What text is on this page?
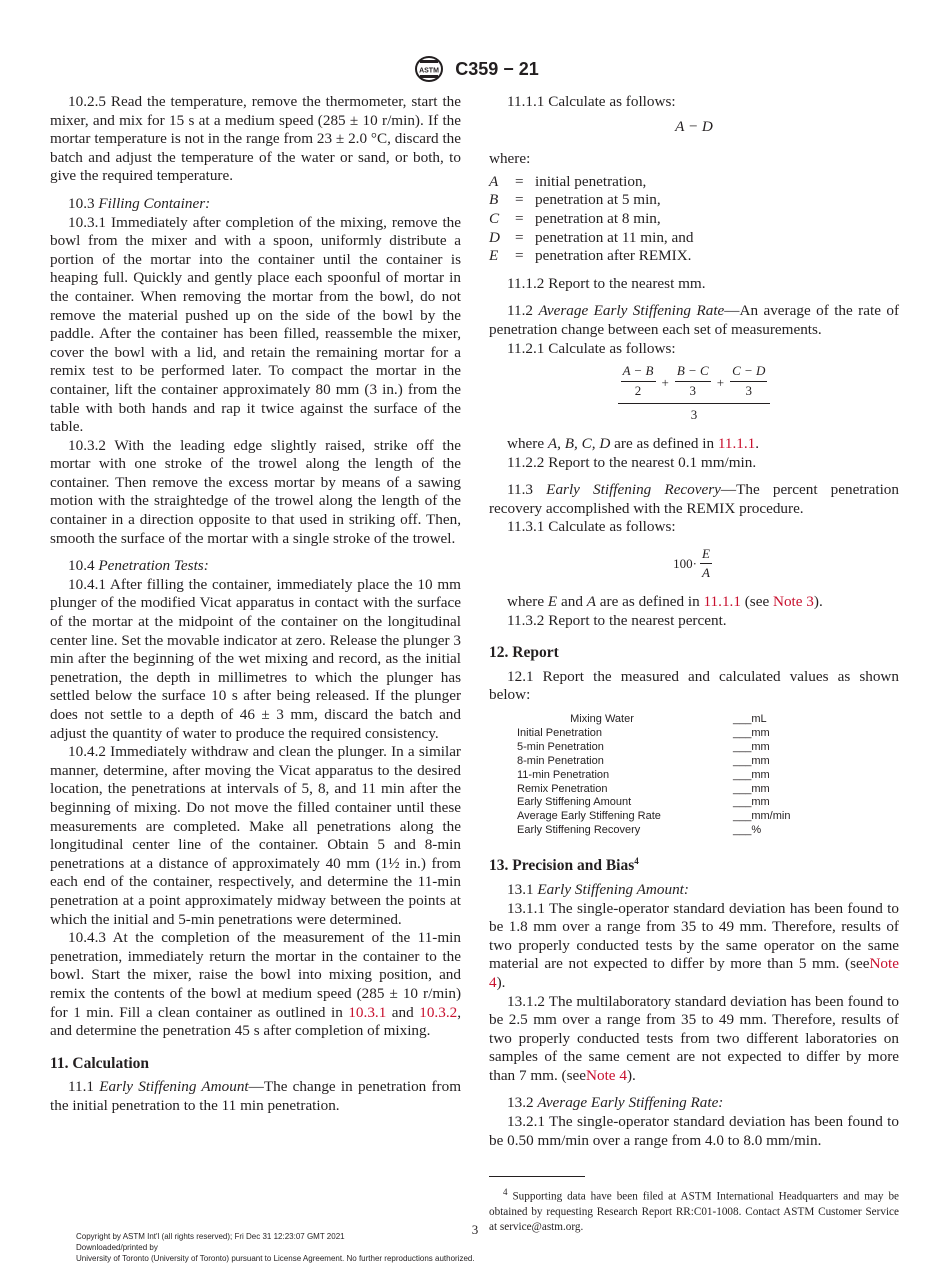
ASTM C359 − 21

10.2.5 Read the temperature, remove the thermometer, start the mixer, and mix for 15 s at a medium speed (285 ± 10 r/min). If the mortar temperature is not in the range from 23 ± 2.0 °C, discard the batch and adjust the temperature of the water or sand, or both, to give the required temperature.

10.3 Filling Container:

10.3.1 Immediately after completion of the mixing, remove the bowl from the mixer and with a spoon, uniformly distribute a portion of the mortar into the container until the container is heaping full. Quickly and gently place each spoonful of mortar in the container. When removing the mortar from the bowl, do not remove the material pushed up on the side of the bowl by the paddle. After the container has been filled, reassemble the mixer, cover the bowl with a lid, and retain the remaining mortar for a remix test to be performed later. To compact the mortar in the container, lift the container approximately 80 mm (3 in.) from the table with both hands and rap it twice against the surface of the table.

10.3.2 With the leading edge slightly raised, strike off the mortar with one stroke of the trowel along the length of the container. Then remove the excess mortar by means of a sawing motion with the straightedge of the trowel along the length of the container in a direction opposite to that used in striking off. Then, smooth the surface of the mortar with a single stroke of the trowel.

10.4 Penetration Tests:

10.4.1 After filling the container, immediately place the 10 mm plunger of the modified Vicat apparatus in contact with the surface of the mortar at the midpoint of the container on the longitudinal center line. Set the movable indicator at zero. Release the plunger 3 min after the beginning of the wet mixing and record, as the initial penetration, the depth in millimetres to which the plunger has settled below the surface 10 s after being released. If the plunger does not settle to a depth of 46 ± 3 mm, discard the batch and adjust the quantity of water to produce the required consistency.

10.4.2 Immediately withdraw and clean the plunger. In a similar manner, determine, after moving the Vicat apparatus to the desired location, the penetrations at intervals of 5, 8, and 11 min after the beginning of mixing. Do not move the filled container until these measurements are completed. Make all penetrations along the longitudinal center line of the container. Obtain 5 and 8-min penetrations at a distance of approximately 40 mm (1½ in.) from each end of the container, respectively, and determine the 11-min penetration at a point approximately midway between the points at which the initial and 5-min penetrations were determined.

10.4.3 At the completion of the measurement of the 11-min penetration, immediately return the mortar in the container to the bowl. Start the mixer, raise the bowl into mixing position, and remix the contents of the bowl at medium speed (285 ± 10 r/min) for 1 min. Fill a clean container as outlined in 10.3.1 and 10.3.2, and determine the penetration 45 s after completion of mixing.

11. Calculation

11.1 Early Stiffening Amount—The change in penetration from the initial penetration to the 11 min penetration.

11.1.1 Calculate as follows:

A − D

where:

A	= initial penetration,
B	= penetration at 5 min,
C	= penetration at 8 min,
D = penetration at 11 min, and
E	= penetration after REMIX.

11.1.2 Report to the nearest mm.

11.2 Average Early Stiffening Rate—An average of the rate of penetration change between each set of measurements.

11.2.1 Calculate as follows:

A − B
2
+ $\frac{B - C}{3} + \frac{C - D}{3}$
3

where A, B, C, D are as defined in 11.1.1.

11.2.2 Report to the nearest 0.1 mm/min.

11.3 Early Stiffening Recovery—The percent penetration recovery accomplished with the REMIX procedure.

11.3.1 Calculate as follows:

100·
E
A

where E and A are as defined in 11.1.1 (see Note 3).

11.3.2 Report to the nearest percent.

12. Report

12.1 Report the measured and calculated values as shown below:

Mixing Water	___mL
Initial Penetration	___mm
5-min Penetration	___mm
8-min Penetration	___mm
11-min Penetration	___mm
Remix Penetration	___mm
Early Stiffening Amount	___mm
Average Early Stiffening Rate	___mm/min
Early Stiffening Recovery	___%

13. Precision and Bias$^4$

13.1 Early Stiffening Amount:

13.1.1 The single-operator standard deviation has been found to be 1.8 mm over a range from 35 to 49 mm. Therefore, results of two properly conducted tests by the same operator on the same material are not expected to differ by more than 5 mm. (seeNote 4).

13.1.2 The multilaboratory standard deviation has been found to be 2.5 mm over a range from 35 to 49 mm. Therefore, results of two properly conducted tests from two different laboratories on samples of the same cement are not expected to differ by more than 7 mm. (seeNote 4).

13.2 Average Early Stiffening Rate:

13.2.1 The single-operator standard deviation has been found to be 0.50 mm/min over a range from 4.0 to 8.0 mm/min.

$^4$ Supporting data have been filed at ASTM International Headquarters and may be obtained by requesting Research Report RR:C01-1008. Contact ASTM Customer Service at service@astm.org.

3
Copyright by ASTM Int'l (all rights reserved); Fri Dec 31 12:23:07 GMT 2021
Downloaded/printed by
University of Toronto (University of Toronto) pursuant to License Agreement. No further reproductions authorized.
